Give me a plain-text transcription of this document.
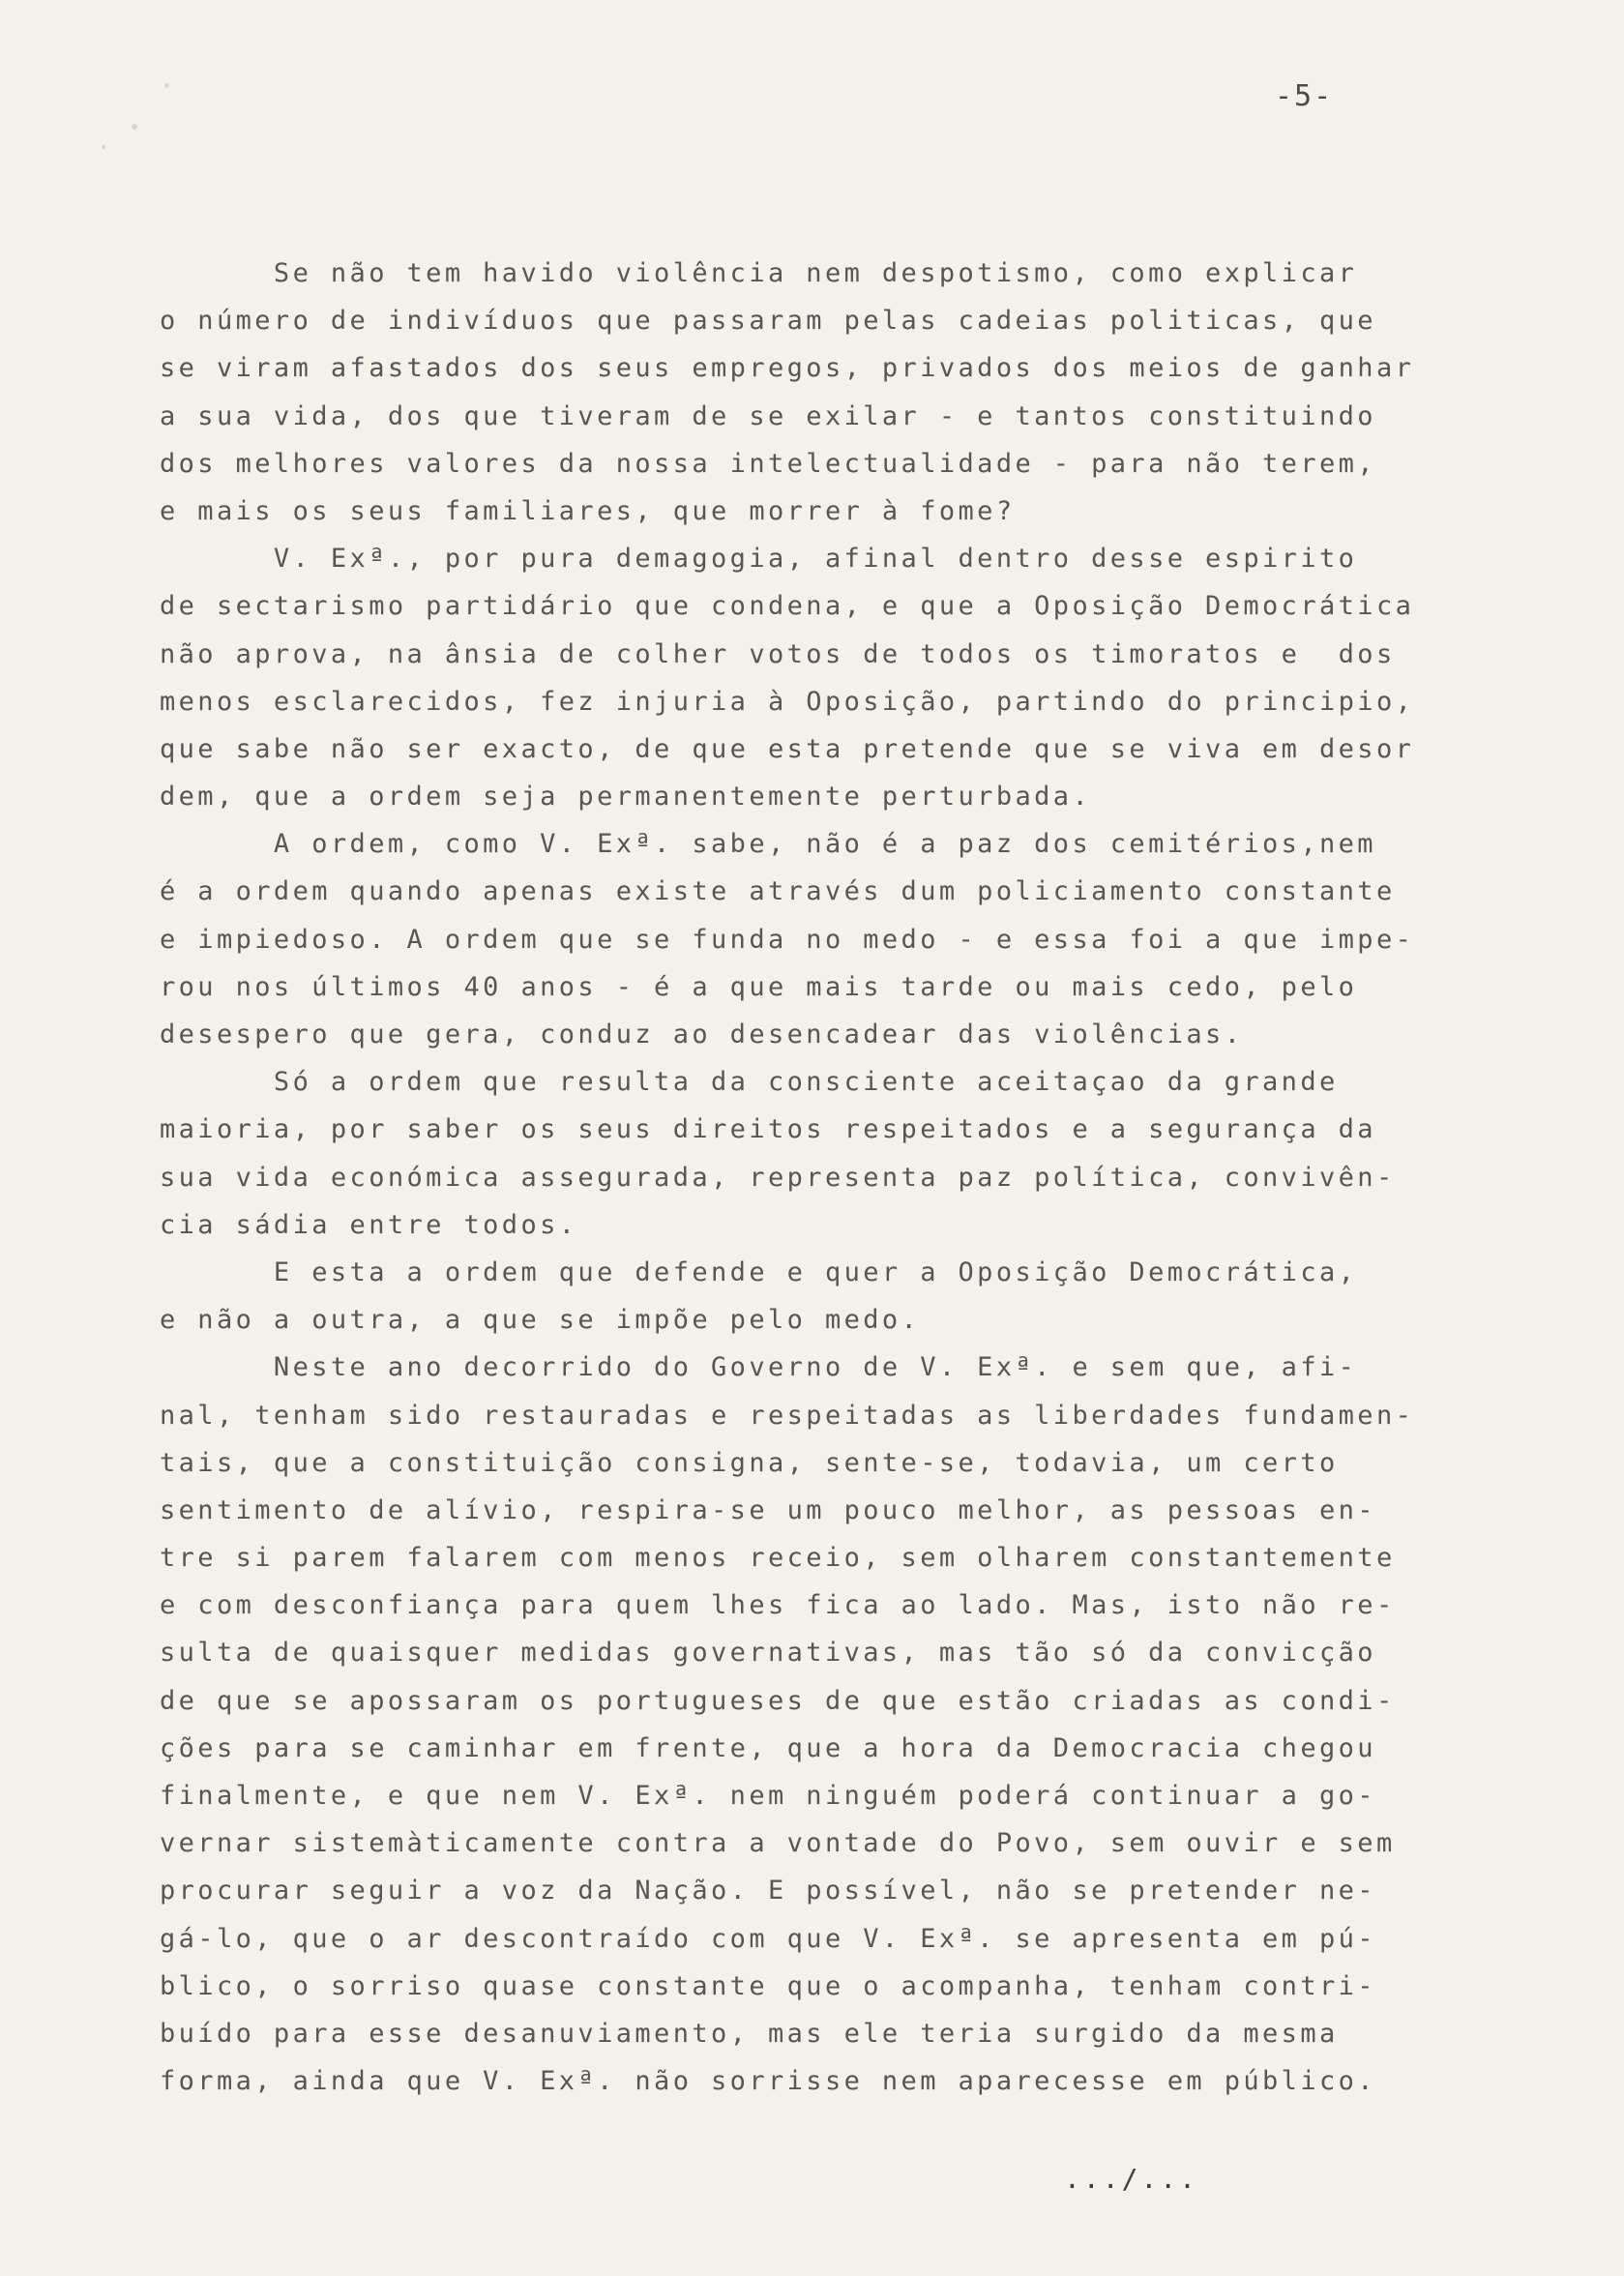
-5-
Se não tem havido violência nem despotismo, como explicar
o número de indivíduos que passaram pelas cadeias politicas, que
se viram afastados dos seus empregos, privados dos meios de ganhar
a sua vida, dos que tiveram de se exilar - e tantos constituindo
dos melhores valores da nossa intelectualidade - para não terem,
e mais os seus familiares, que morrer à fome?
V. Exª., por pura demagogia, afinal dentro desse espirito
de sectarismo partidário que condena, e que a Oposição Democrática
não aprova, na ânsia de colher votos de todos os timoratos e  dos
menos esclarecidos, fez injuria à Oposição, partindo do principio,
que sabe não ser exacto, de que esta pretende que se viva em desor
dem, que a ordem seja permanentemente perturbada.
A ordem, como V. Exª. sabe, não é a paz dos cemitérios,nem
é a ordem quando apenas existe através dum policiamento constante
e impiedoso. A ordem que se funda no medo - e essa foi a que impe-
rou nos últimos 40 anos - é a que mais tarde ou mais cedo, pelo
desespero que gera, conduz ao desencadear das violências.
Só a ordem que resulta da consciente aceitaçao da grande
maioria, por saber os seus direitos respeitados e a segurança da
sua vida económica assegurada, representa paz política, convivên-
cia sádia entre todos.
E esta a ordem que defende e quer a Oposição Democrática,
e não a outra, a que se impõe pelo medo.
Neste ano decorrido do Governo de V. Exª. e sem que, afi-
nal, tenham sido restauradas e respeitadas as liberdades fundamen-
tais, que a constituição consigna, sente-se, todavia, um certo
sentimento de alívio, respira-se um pouco melhor, as pessoas en-
tre si parem falarem com menos receio, sem olharem constantemente
e com desconfiança para quem lhes fica ao lado. Mas, isto não re-
sulta de quaisquer medidas governativas, mas tão só da convicção
de que se apossaram os portugueses de que estão criadas as condi-
ções para se caminhar em frente, que a hora da Democracia chegou
finalmente, e que nem V. Exª. nem ninguém poderá continuar a go-
vernar sistemàticamente contra a vontade do Povo, sem ouvir e sem
procurar seguir a voz da Nação. E possível, não se pretender ne-
gá-lo, que o ar descontraído com que V. Exª. se apresenta em pú-
blico, o sorriso quase constante que o acompanha, tenham contri-
buído para esse desanuviamento, mas ele teria surgido da mesma
forma, ainda que V. Exª. não sorrisse nem aparecesse em público.
.../...
